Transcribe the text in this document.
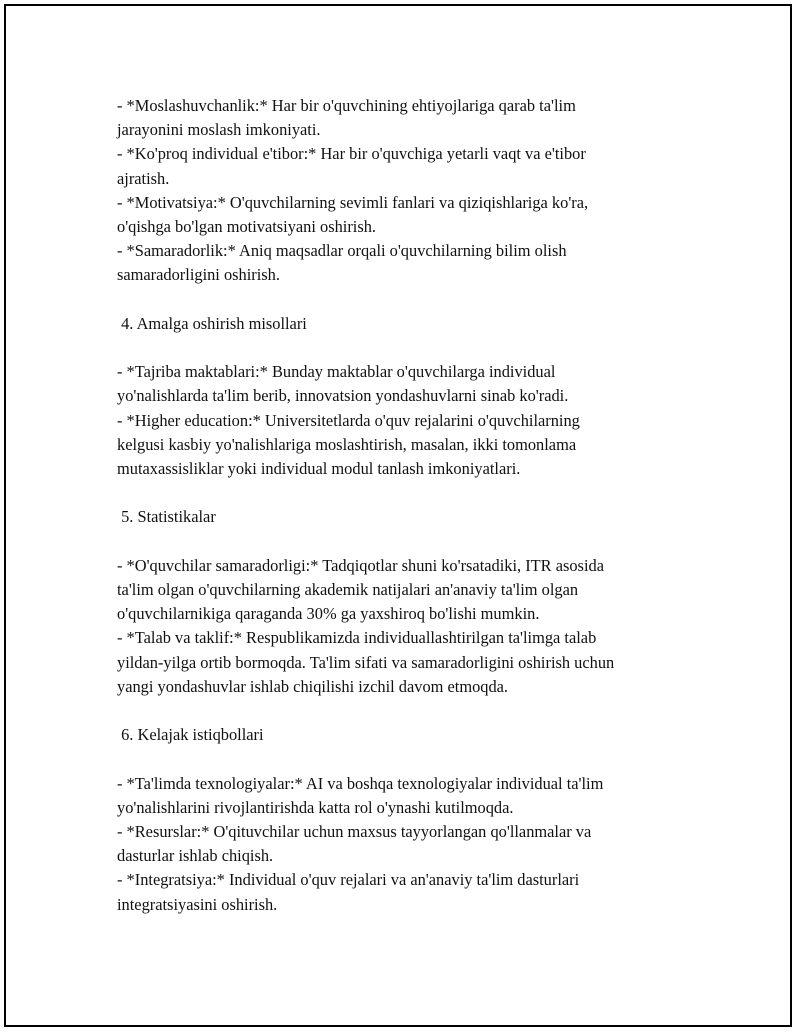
- *Moslashuvchanlik:* Har bir o'quvchining ehtiyojlariga qarab ta'lim
jarayonini moslash imkoniyati.
- *Ko'proq individual e'tibor:* Har bir o'quvchiga yetarli vaqt va e'tibor
ajratish.
- *Motivatsiya:* O'quvchilarning sevimli fanlari va qiziqishlariga ko'ra,
o'qishga bo'lgan motivatsiyani oshirish.
- *Samaradorlik:* Aniq maqsadlar orqali o'quvchilarning bilim olish
samaradorligini oshirish.
4. Amalga oshirish misollari
- *Tajriba maktablari:* Bunday maktablar o'quvchilarga individual
yo'nalishlarda ta'lim berib, innovatsion yondashuvlarni sinab ko'radi.
- *Higher education:* Universitetlarda o'quv rejalarini o'quvchilarning
kelgusi kasbiy yo'nalishlariga moslashtirish, masalan, ikki tomonlama
mutaxassisliklar yoki individual modul tanlash imkoniyatlari.
5. Statistikalar
- *O'quvchilar samaradorligi:* Tadqiqotlar shuni ko'rsatadiki, ITR asosida
ta'lim olgan o'quvchilarning akademik natijalari an'anaviy ta'lim olgan
o'quvchilarnikiga qaraganda 30% ga yaxshiroq bo'lishi mumkin.
- *Talab va taklif:* Respublikamizda individuallashtirilgan ta'limga talab
yildan-yilga ortib bormoqda. Ta'lim sifati va samaradorligini oshirish uchun
yangi yondashuvlar ishlab chiqilishi izchil davom etmoqda.
6. Kelajak istiqbollari
- *Ta'limda texnologiyalar:* AI va boshqa texnologiyalar individual ta'lim
yo'nalishlarini rivojlantirishda katta rol o'ynashi kutilmoqda.
- *Resurslar:* O'qituvchilar uchun maxsus tayyorlangan qo'llanmalar va
dasturlar ishlab chiqish.
- *Integratsiya:* Individual o'quv rejalari va an'anaviy ta'lim dasturlari
integratsiyasini oshirish.
